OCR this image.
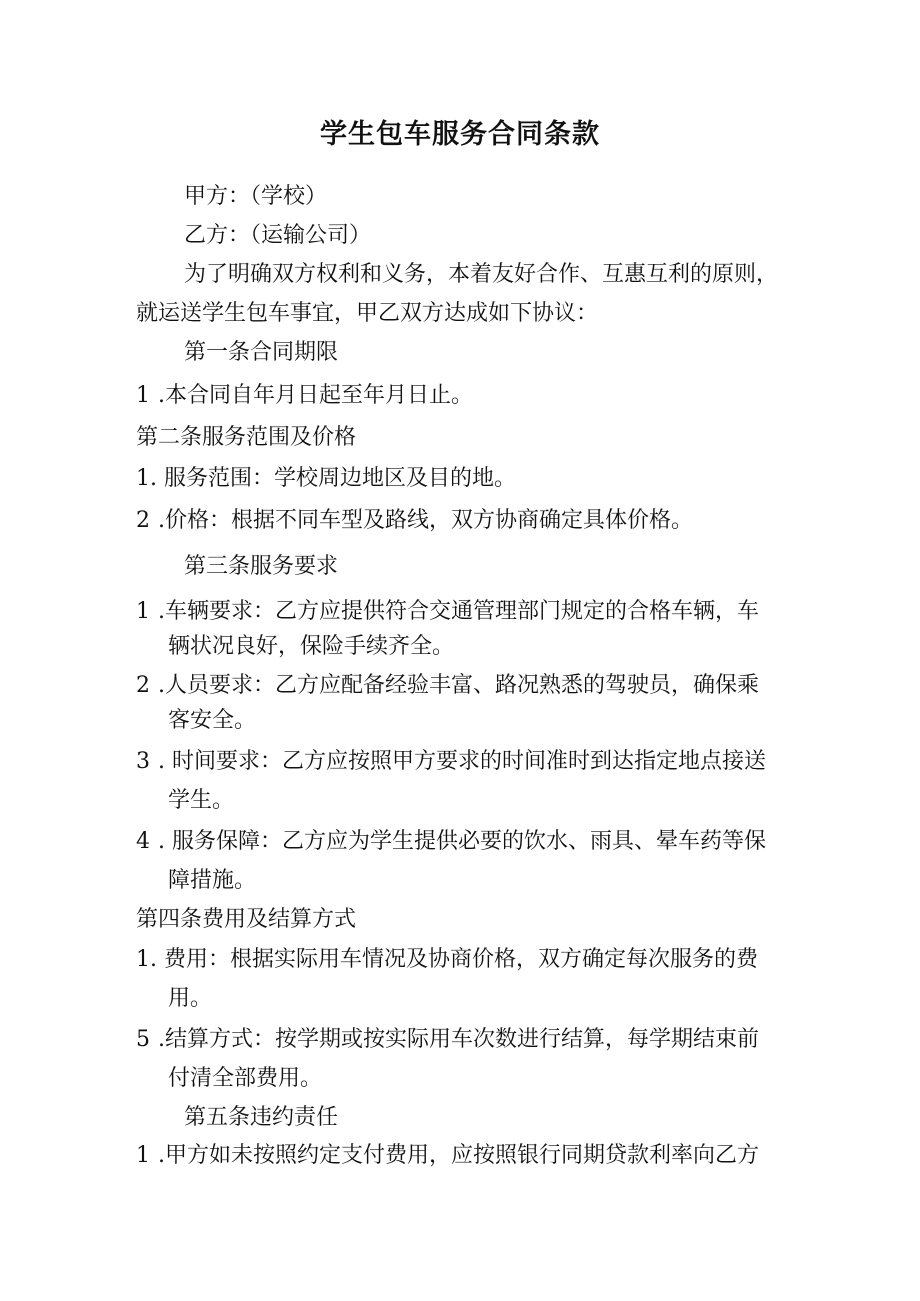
学生包车服务合同条款
甲方：（学校）
乙方：（运输公司）
为了明确双方权利和义务，本着友好合作、互惠互利的原则，
就运送学生包车事宜，甲乙双方达成如下协议：
第一条合同期限
1 .本合同自年月日起至年月日止。
第二条服务范围及价格
1. 服务范围：学校周边地区及目的地。
2 .价格：根据不同车型及路线，双方协商确定具体价格。
第三条服务要求
1 .车辆要求：乙方应提供符合交通管理部门规定的合格车辆，车
辆状况良好，保险手续齐全。
2 .人员要求：乙方应配备经验丰富、路况熟悉的驾驶员，确保乘
客安全。
3 . 时间要求：乙方应按照甲方要求的时间准时到达指定地点接送
学生。
4 . 服务保障：乙方应为学生提供必要的饮水、雨具、晕车药等保
障措施。
第四条费用及结算方式
1. 费用：根据实际用车情况及协商价格，双方确定每次服务的费
用。
5 .结算方式：按学期或按实际用车次数进行结算，每学期结束前
付清全部费用。
第五条违约责任
1 .甲方如未按照约定支付费用，应按照银行同期贷款利率向乙方
